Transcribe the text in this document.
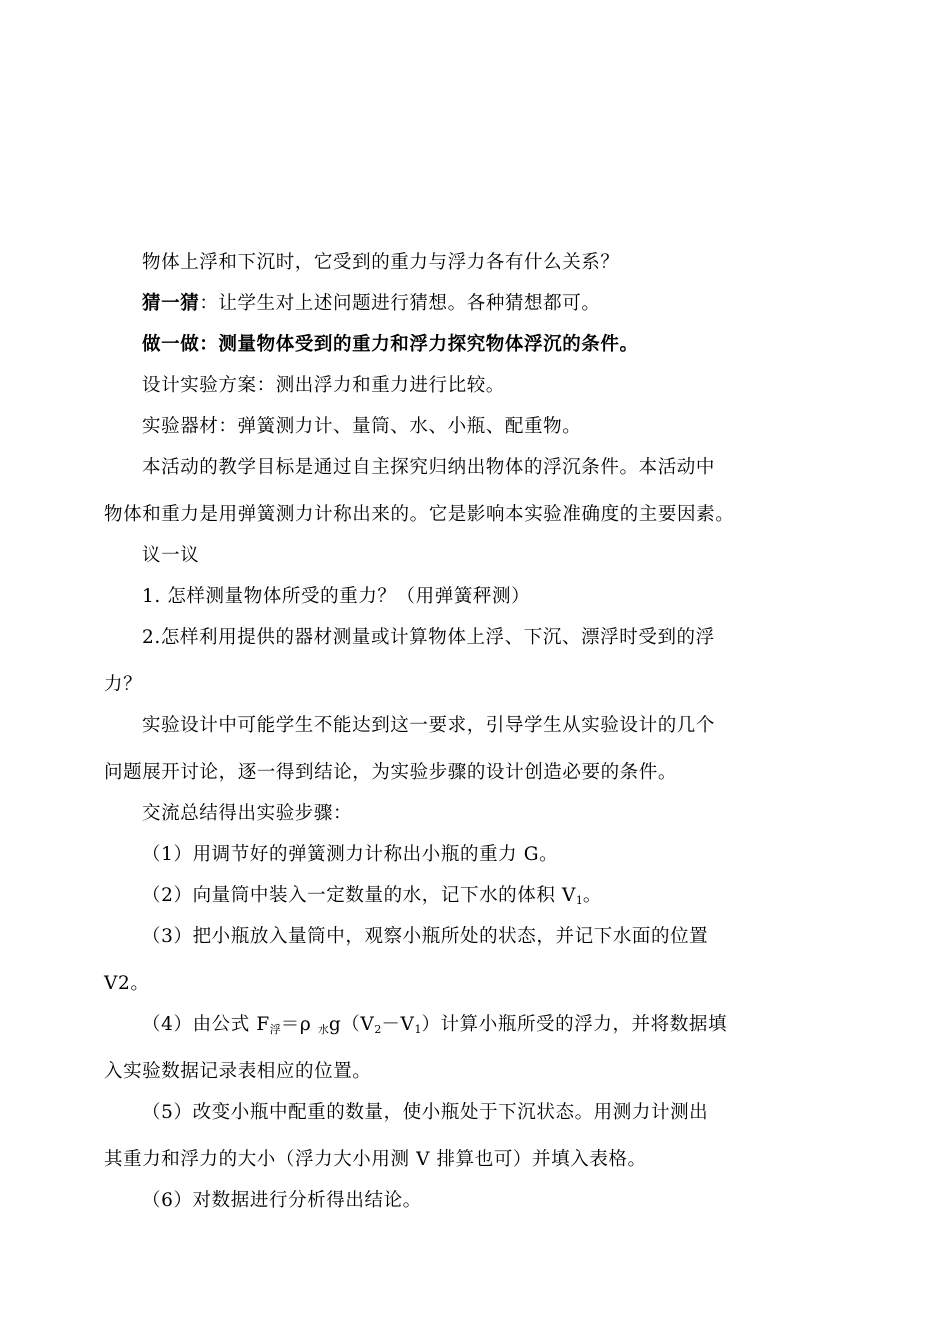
物体上浮和下沉时，它受到的重力与浮力各有什么关系？
猜一猜：让学生对上述问题进行猜想。各种猜想都可。
做一做：测量物体受到的重力和浮力探究物体浮沉的条件。
设计实验方案：测出浮力和重力进行比较。
实验器材：弹簧测力计、量筒、水、小瓶、配重物。
本活动的教学目标是通过自主探究归纳出物体的浮沉条件。本活动中
物体和重力是用弹簧测力计称出来的。它是影响本实验准确度的主要因素。
议一议
1. 怎样测量物体所受的重力？（用弹簧秤测）
2.怎样利用提供的器材测量或计算物体上浮、下沉、漂浮时受到的浮
力？
实验设计中可能学生不能达到这一要求，引导学生从实验设计的几个
问题展开讨论，逐一得到结论，为实验步骤的设计创造必要的条件。
交流总结得出实验步骤：
（1）用调节好的弹簧测力计称出小瓶的重力 G。
（2）向量筒中装入一定数量的水，记下水的体积 $V_1$。
（3）把小瓶放入量筒中，观察小瓶所处的状态，并记下水面的位置
V2。
（4）由公式 $F_浮=\rho$ $_水g(V_2-V_1)$计算小瓶所受的浮力，并将数据填
入实验数据记录表相应的位置。
（5）改变小瓶中配重的数量，使小瓶处于下沉状态。用测力计测出
其重力和浮力的大小（浮力大小用测 V 排算也可）并填入表格。
（6）对数据进行分析得出结论。
